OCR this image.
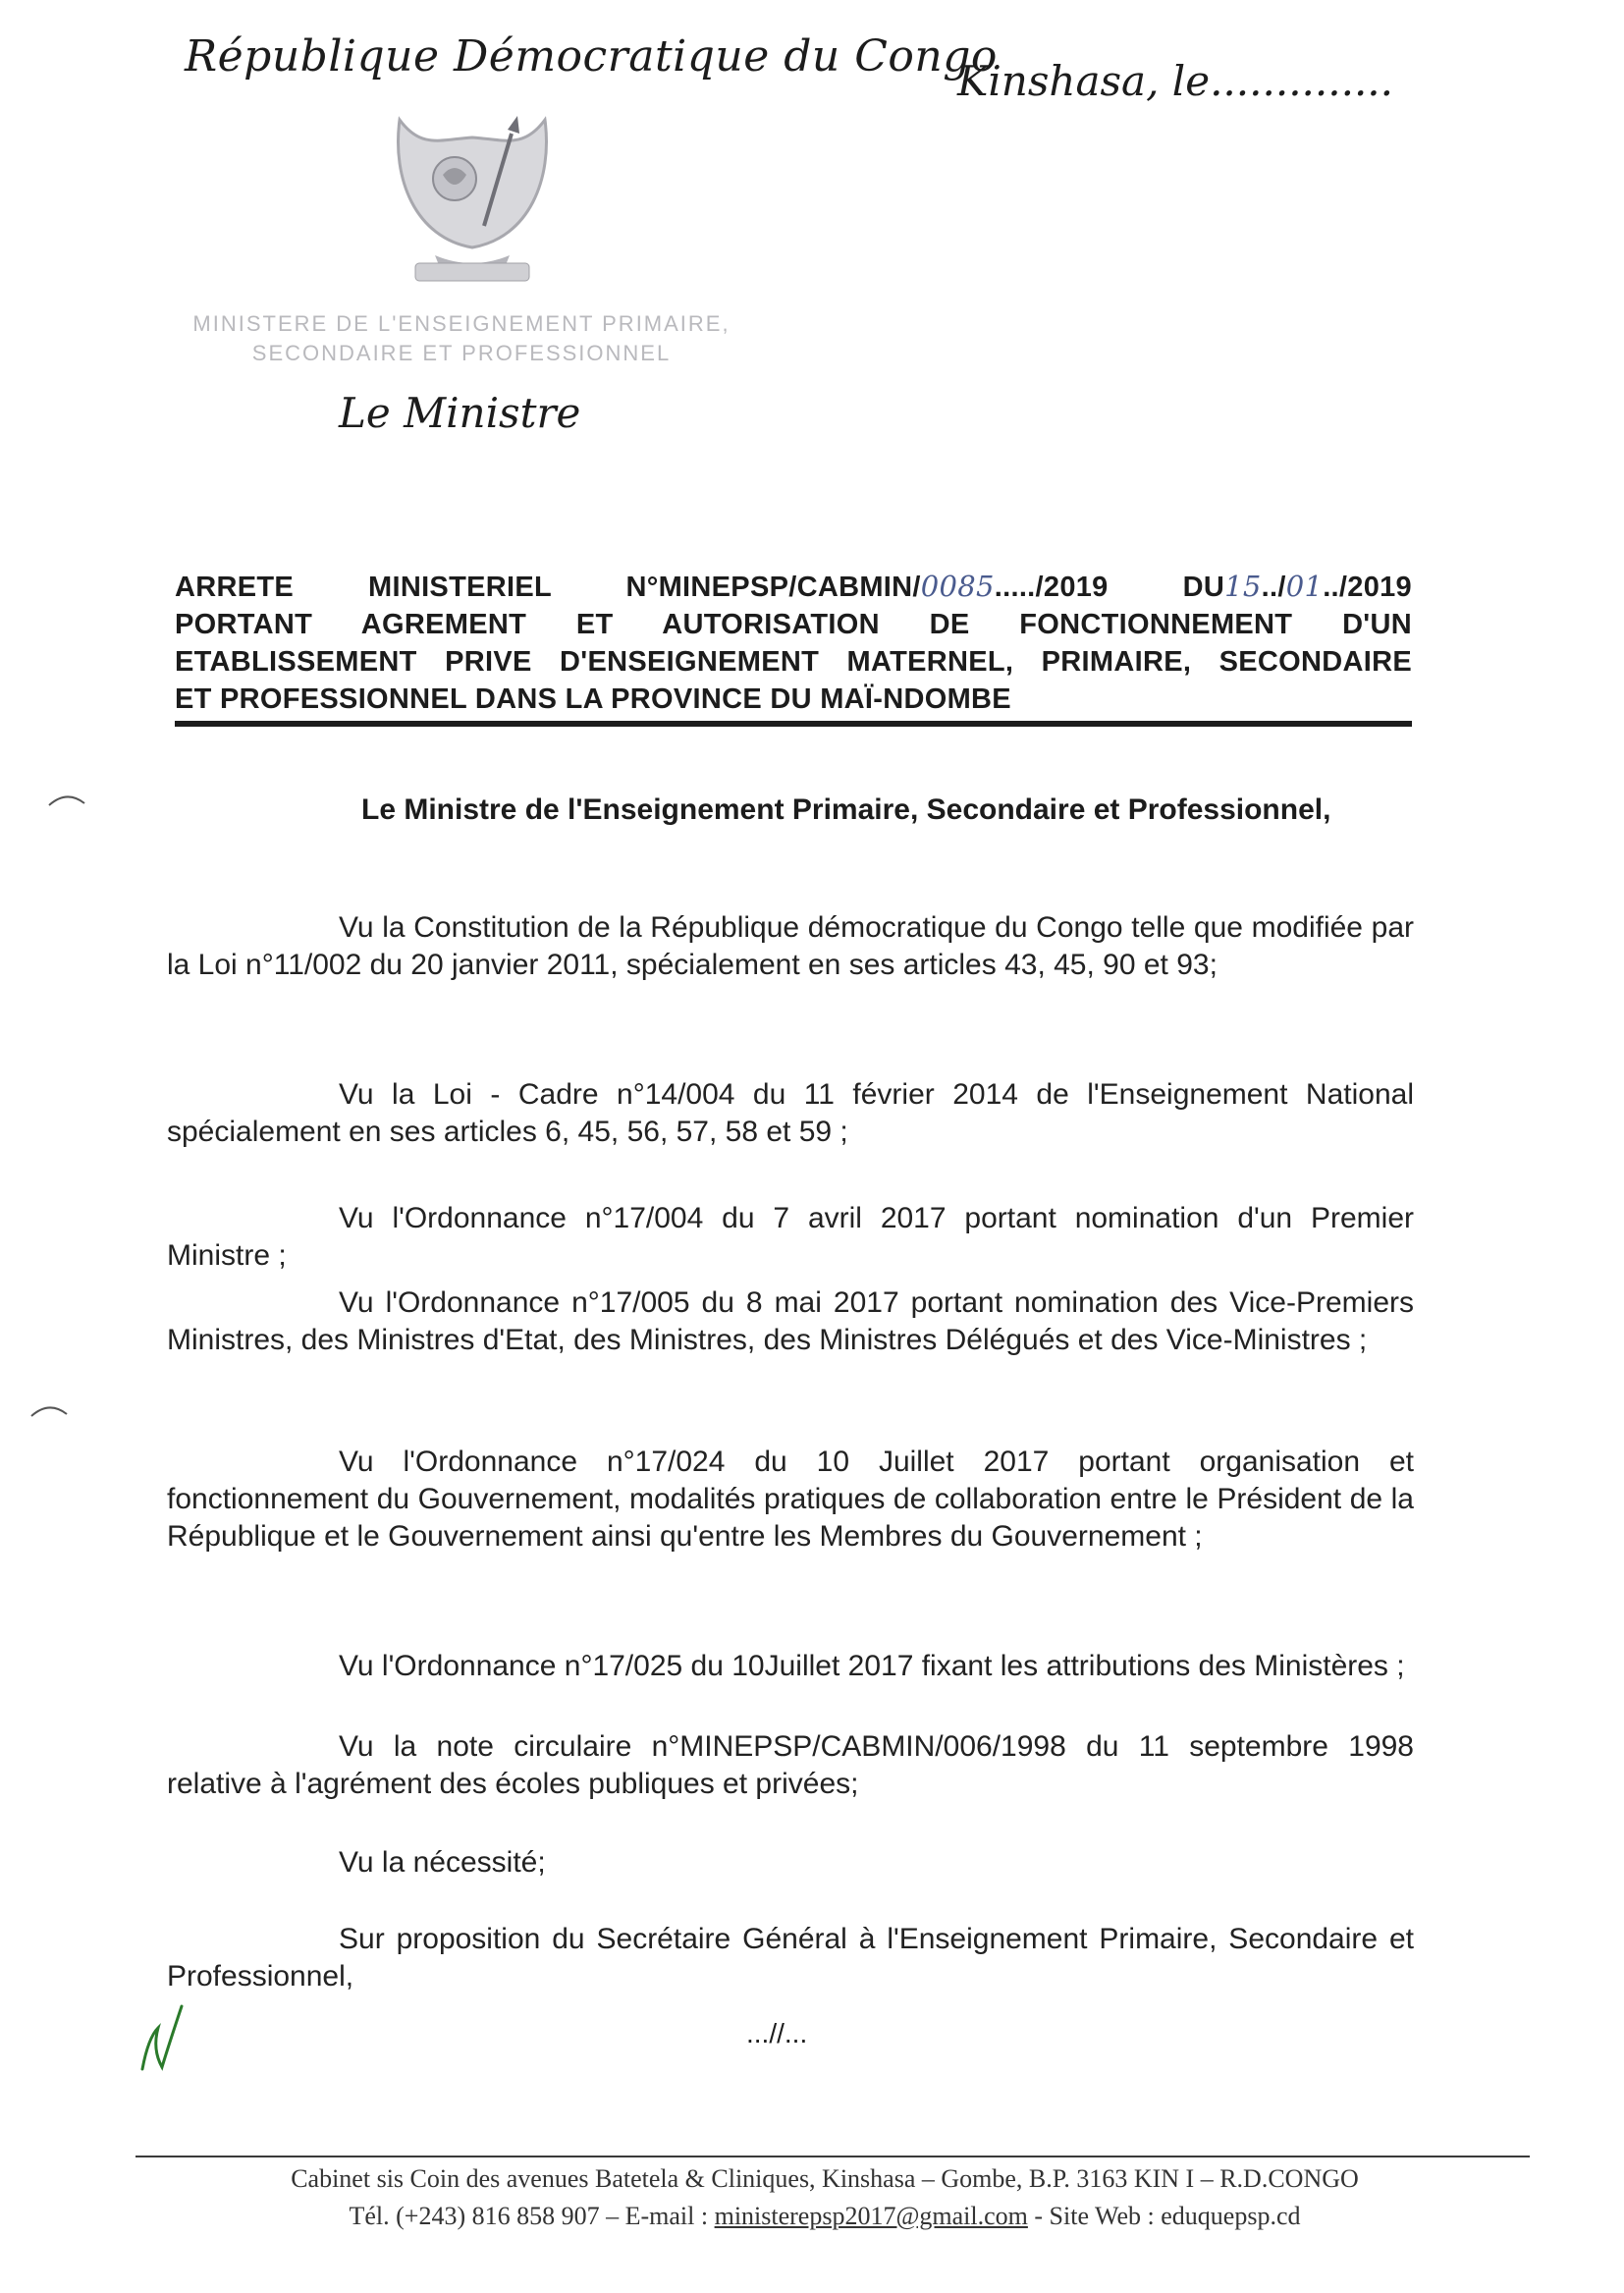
République Démocratique du Congo
Kinshasa, le..............
MINISTERE DE L'ENSEIGNEMENT PRIMAIRE,
SECONDAIRE ET PROFESSIONNEL
Le Ministre
ARRETE MINISTERIEL N°MINEPSP/CABMIN/0085...../2019 DU15../01../2019
PORTANT AGREMENT ET AUTORISATION DE FONCTIONNEMENT D'UN
ETABLISSEMENT PRIVE D'ENSEIGNEMENT MATERNEL, PRIMAIRE, SECONDAIRE
ET PROFESSIONNEL DANS LA PROVINCE DU MAÏ-NDOMBE
Le Ministre de l'Enseignement Primaire, Secondaire et Professionnel,
Vu la Constitution de la République démocratique du Congo telle que modifiée par la Loi n°11/002 du 20 janvier 2011, spécialement en ses articles 43, 45, 90 et 93;
Vu la Loi - Cadre n°14/004 du 11 février 2014 de l'Enseignement National spécialement en ses articles 6, 45, 56, 57, 58 et 59 ;
Vu l'Ordonnance n°17/004 du 7 avril 2017 portant nomination d'un Premier Ministre ;
Vu l'Ordonnance n°17/005 du 8 mai 2017 portant nomination des Vice-Premiers Ministres, des Ministres d'Etat, des Ministres, des Ministres Délégués et des Vice-Ministres ;
Vu l'Ordonnance n°17/024 du 10 Juillet 2017 portant organisation et fonctionnement du Gouvernement, modalités pratiques de collaboration entre le Président de la République et le Gouvernement ainsi qu'entre les Membres du Gouvernement ;
Vu l'Ordonnance n°17/025 du 10Juillet 2017 fixant les attributions des Ministères ;
Vu la note circulaire n°MINEPSP/CABMIN/006/1998 du 11 septembre 1998 relative à l'agrément des écoles publiques et privées;
Vu la nécessité;
Sur proposition du Secrétaire Général à l'Enseignement Primaire, Secondaire et Professionnel,
...//...
Cabinet sis Coin des avenues Batetela & Cliniques, Kinshasa – Gombe, B.P. 3163 KIN I – R.D.CONGO
Tél. (+243) 816 858 907 – E-mail : ministerepsp2017@gmail.com - Site Web : eduquepsp.cd
